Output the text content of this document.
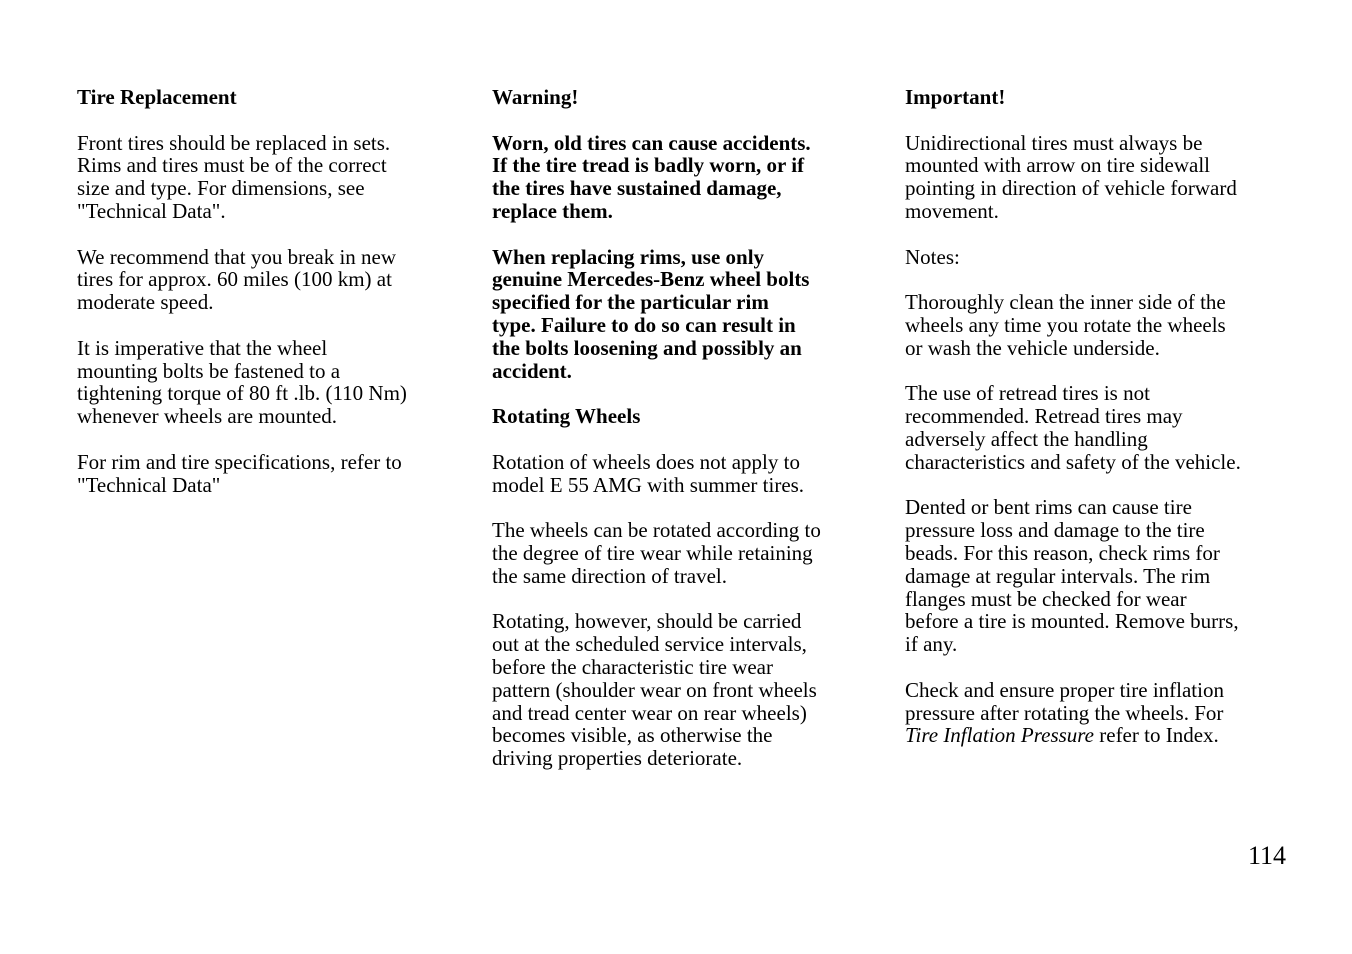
Tire Replacement

Front tires should be replaced in sets.
Rims and tires must be of the correct
size and type. For dimensions, see
"Technical Data".

We recommend that you break in new
tires for approx. 60 miles (100 km) at
moderate speed.

It is imperative that the wheel
mounting bolts be fastened to a
tightening torque of 80 ft .lb. (110 Nm)
whenever wheels are mounted.

For rim and tire specifications, refer to
"Technical Data"

Warning!

Worn, old tires can cause accidents.
If the tire tread is badly worn, or if
the tires have sustained damage,
replace them.

When replacing rims, use only
genuine Mercedes-Benz wheel bolts
specified for the particular rim
type. Failure to do so can result in
the bolts loosening and possibly an
accident.

Rotating Wheels

Rotation of wheels does not apply to
model E 55 AMG with summer tires.

The wheels can be rotated according to
the degree of tire wear while retaining
the same direction of travel.

Rotating, however, should be carried
out at the scheduled service intervals,
before the characteristic tire wear
pattern (shoulder wear on front wheels
and tread center wear on rear wheels)
becomes visible, as otherwise the
driving properties deteriorate.

Important!

Unidirectional tires must always be
mounted with arrow on tire sidewall
pointing in direction of vehicle forward
movement.

Notes:

Thoroughly clean the inner side of the
wheels any time you rotate the wheels
or wash the vehicle underside.

The use of retread tires is not
recommended. Retread tires may
adversely affect the handling
characteristics and safety of the vehicle.

Dented or bent rims can cause tire
pressure loss and damage to the tire
beads. For this reason, check rims for
damage at regular intervals. The rim
flanges must be checked for wear
before a tire is mounted. Remove burrs,
if any.

Check and ensure proper tire inflation
pressure after rotating the wheels. For
Tire Inflation Pressure refer to Index.

114
